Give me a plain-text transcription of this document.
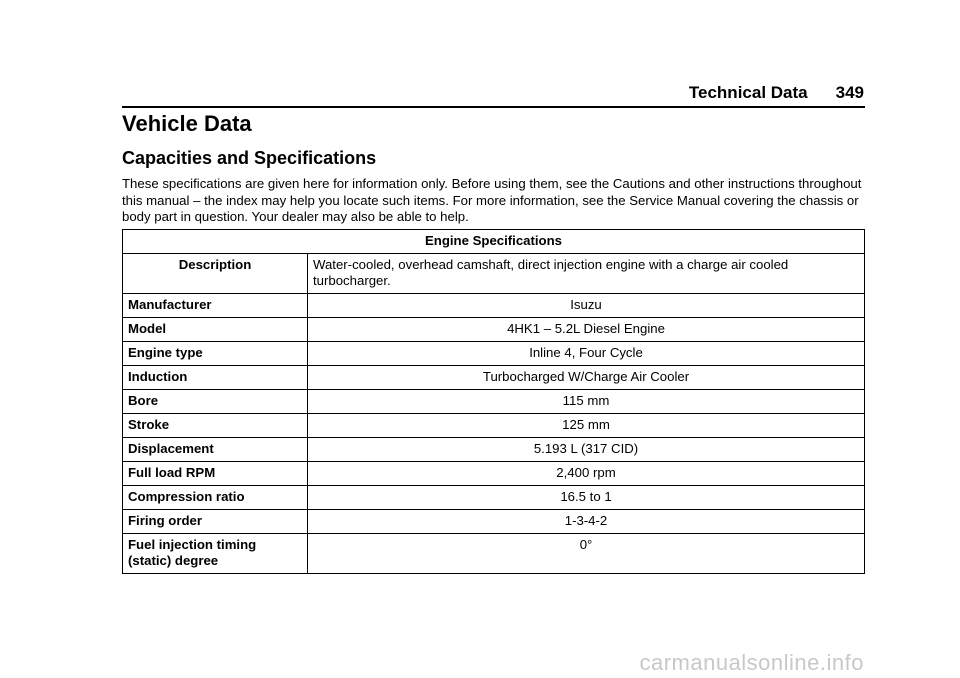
Technical Data 349
Vehicle Data
Capacities and Specifications

These specifications are given here for information only. Before using them, see the Cautions and other instructions throughout this manual – the index may help you locate such items. For more information, see the Service Manual covering the chassis or body part in question. Your dealer may also be able to help.

Engine Specifications	
Description	Water-cooled, overhead camshaft, direct injection engine with a charge air cooled turbocharger.
Manufacturer	Isuzu
Model	4HK1 – 5.2L Diesel Engine
Engine type	Inline 4, Four Cycle
Induction	Turbocharged W/Charge Air Cooler
Bore	115 mm
Stroke	125 mm
Displacement	5.193 L (317 CID)
Full load RPM	2,400 rpm
Compression ratio	16.5 to 1
Firing order	1-3-4-2
Fuel injection timing
(static) degree	0°
carmanualsonline.info
